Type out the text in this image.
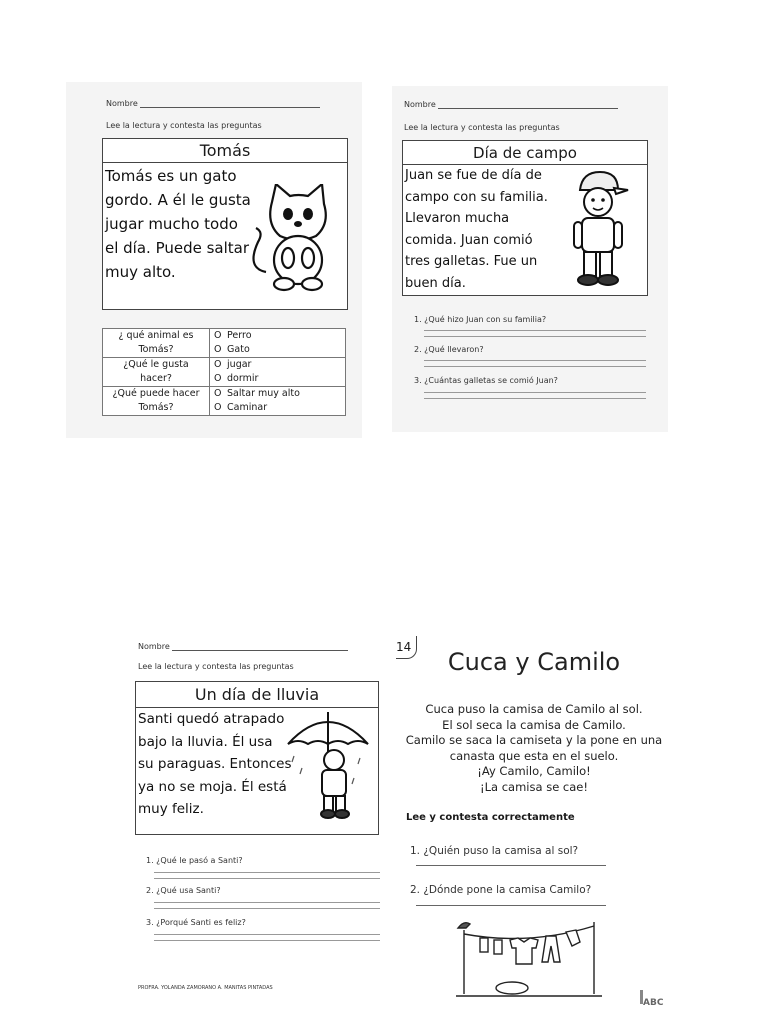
Nombre
Lee la lectura y contesta las preguntas
Tomás
Tomás es un gato
gordo. A él le gusta
jugar mucho todo
el día. Puede saltar
muy alto.
¿ qué animal es
Tomás?	O Perro
	O Gato

¿Qué le gusta
hacer?	O jugar
	O dormir

¿Qué puede hacer
Tomás?	O Saltar muy alto
	O Caminar
Nombre
Lee la lectura y contesta las preguntas
Día de campo
Juan se fue de día de
campo con su familia.
Llevaron mucha
comida. Juan comió
tres galletas. Fue un
buen día.
1. ¿Qué hizo Juan con su familia?
2. ¿Qué llevaron?
3. ¿Cuántas galletas se comió Juan?
Nombre
Lee la lectura y contesta las preguntas
Un día de lluvia
Santi quedó atrapado
bajo la lluvia. Él usa
su paraguas. Entonces
ya no se moja. Él está
muy feliz.
1. ¿Qué le pasó a Santi?
2. ¿Qué usa Santi?
3. ¿Porqué Santi es feliz?
PROFRA. YOLANDA ZAMORANO A. MANITAS PINTADAS
14
Cuca y Camilo
Cuca puso la camisa de Camilo al sol.
El sol seca la camisa de Camilo.
Camilo se saca la camiseta y la pone en una
canasta que esta en el suelo.
¡Ay Camilo, Camilo!
¡La camisa se cae!
Lee y contesta correctamente
1. ¿Quién puso la camisa al sol?
2. ¿Dónde pone la camisa Camilo?
ABC
